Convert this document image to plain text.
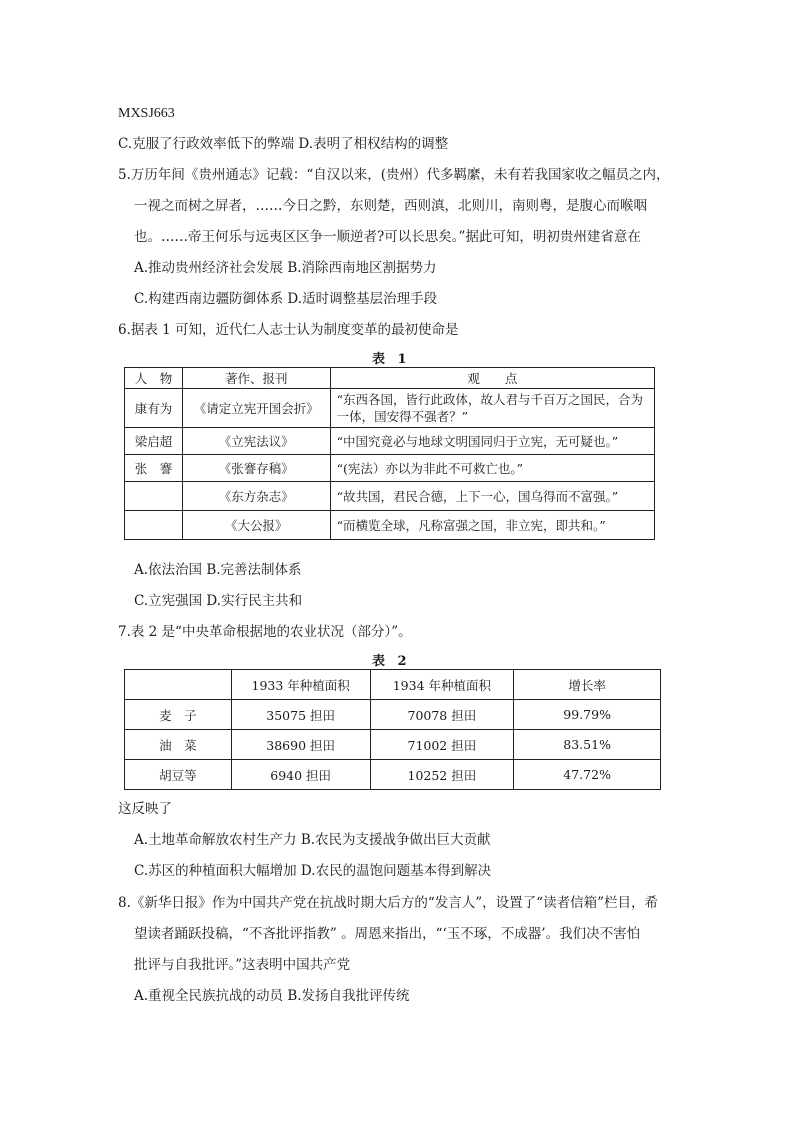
MXSJ663
C.克服了行政效率低下的弊端 D.表明了相权结构的调整
5.万历年间《贵州通志》记载：“自汉以来，(贵州）代多羁縻，未有若我国家收之幅员之内，
一视之而树之屏者，……今日之黔，东则楚，西则滇，北则川，南则粤，是腹心而喉咽
也。……帝王何乐与远夷区区争一顺逆者?可以长思矣。”据此可知，明初贵州建省意在
A.推动贵州经济社会发展 B.消除西南地区割据势力
C.构建西南边疆防御体系 D.适时调整基层治理手段
6.据表 1 可知，近代仁人志士认为制度变革的最初使命是
表 1
人　物	著作、报刊	观　　点
康有为	《请定立宪开国会折》	“东西各国，皆行此政体，故人君与千百万之国民，合为一体，国安得不强者？”
梁启超	《立宪法议》	“中国究竟必与地球文明国同归于立宪，无可疑也。”
张　謇	《张謇存稿》	“(宪法）亦以为非此不可救亡也。”
	《东方杂志》	“故共国，君民合德，上下一心，国乌得而不富强。”
	《大公报》	“而横览全球，凡称富强之国，非立宪，即共和。”
A.依法治国 B.完善法制体系
C.立宪强国 D.实行民主共和
7.表 2 是“中央革命根据地的农业状况（部分）”。
表 2
	1933 年种植面积	1934 年种植面积	增长率
麦　子	35075 担田	70078 担田	99.79%
油　菜	38690 担田	71002 担田	83.51%
胡豆等	6940 担田	10252 担田	47.72%
这反映了
A.土地革命解放农村生产力 B.农民为支援战争做出巨大贡献
C.苏区的种植面积大幅增加 D.农民的温饱问题基本得到解决
8.《新华日报》作为中国共产党在抗战时期大后方的“发言人”，设置了“读者信箱”栏目，希
望读者踊跃投稿，“不吝批评指教” 。周恩来指出，“‘玉不琢，不成器’。我们决不害怕
批评与自我批评。”这表明中国共产党
A.重视全民族抗战的动员 B.发扬自我批评传统
